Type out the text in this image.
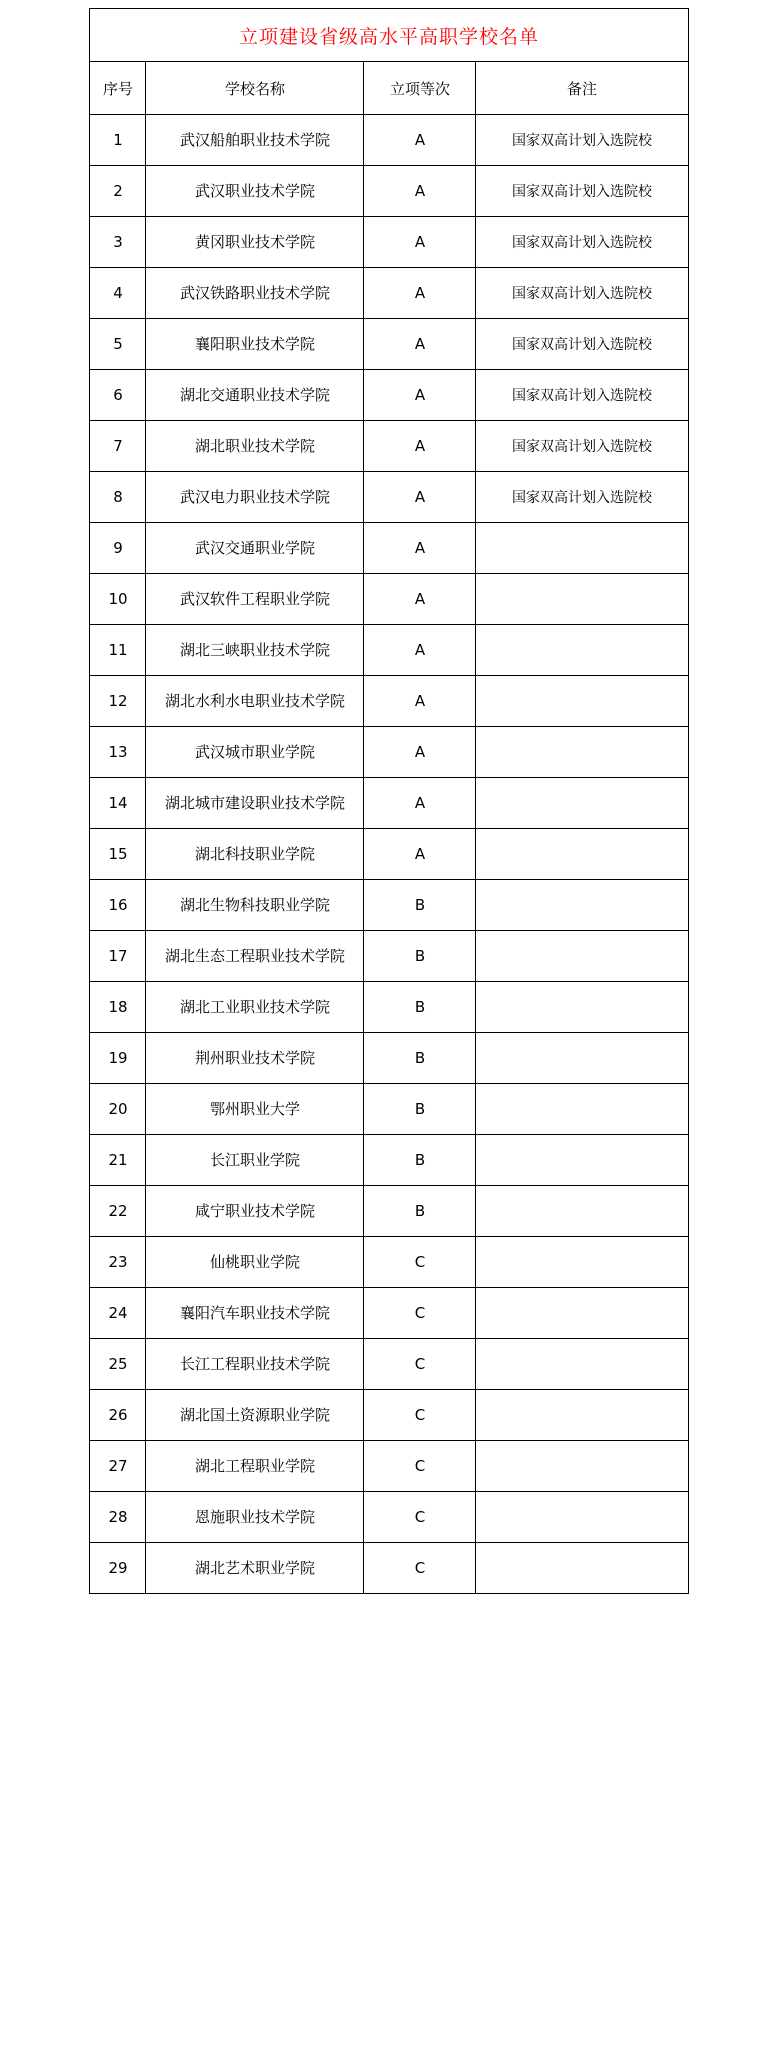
立项建设省级高水平高职学校名单			
序号	学校名称	立项等次	备注
1	武汉船舶职业技术学院	A	国家双高计划入选院校
2	武汉职业技术学院	A	国家双高计划入选院校
3	黄冈职业技术学院	A	国家双高计划入选院校
4	武汉铁路职业技术学院	A	国家双高计划入选院校
5	襄阳职业技术学院	A	国家双高计划入选院校
6	湖北交通职业技术学院	A	国家双高计划入选院校
7	湖北职业技术学院	A	国家双高计划入选院校
8	武汉电力职业技术学院	A	国家双高计划入选院校
9	武汉交通职业学院	A	
10	武汉软件工程职业学院	A	
11	湖北三峡职业技术学院	A	
12	湖北水利水电职业技术学院	A	
13	武汉城市职业学院	A	
14	湖北城市建设职业技术学院	A	
15	湖北科技职业学院	A	
16	湖北生物科技职业学院	B	
17	湖北生态工程职业技术学院	B	
18	湖北工业职业技术学院	B	
19	荆州职业技术学院	B	
20	鄂州职业大学	B	
21	长江职业学院	B	
22	咸宁职业技术学院	B	
23	仙桃职业学院	C	
24	襄阳汽车职业技术学院	C	
25	长江工程职业技术学院	C	
26	湖北国土资源职业学院	C	
27	湖北工程职业学院	C	
28	恩施职业技术学院	C	
29	湖北艺术职业学院	C	
